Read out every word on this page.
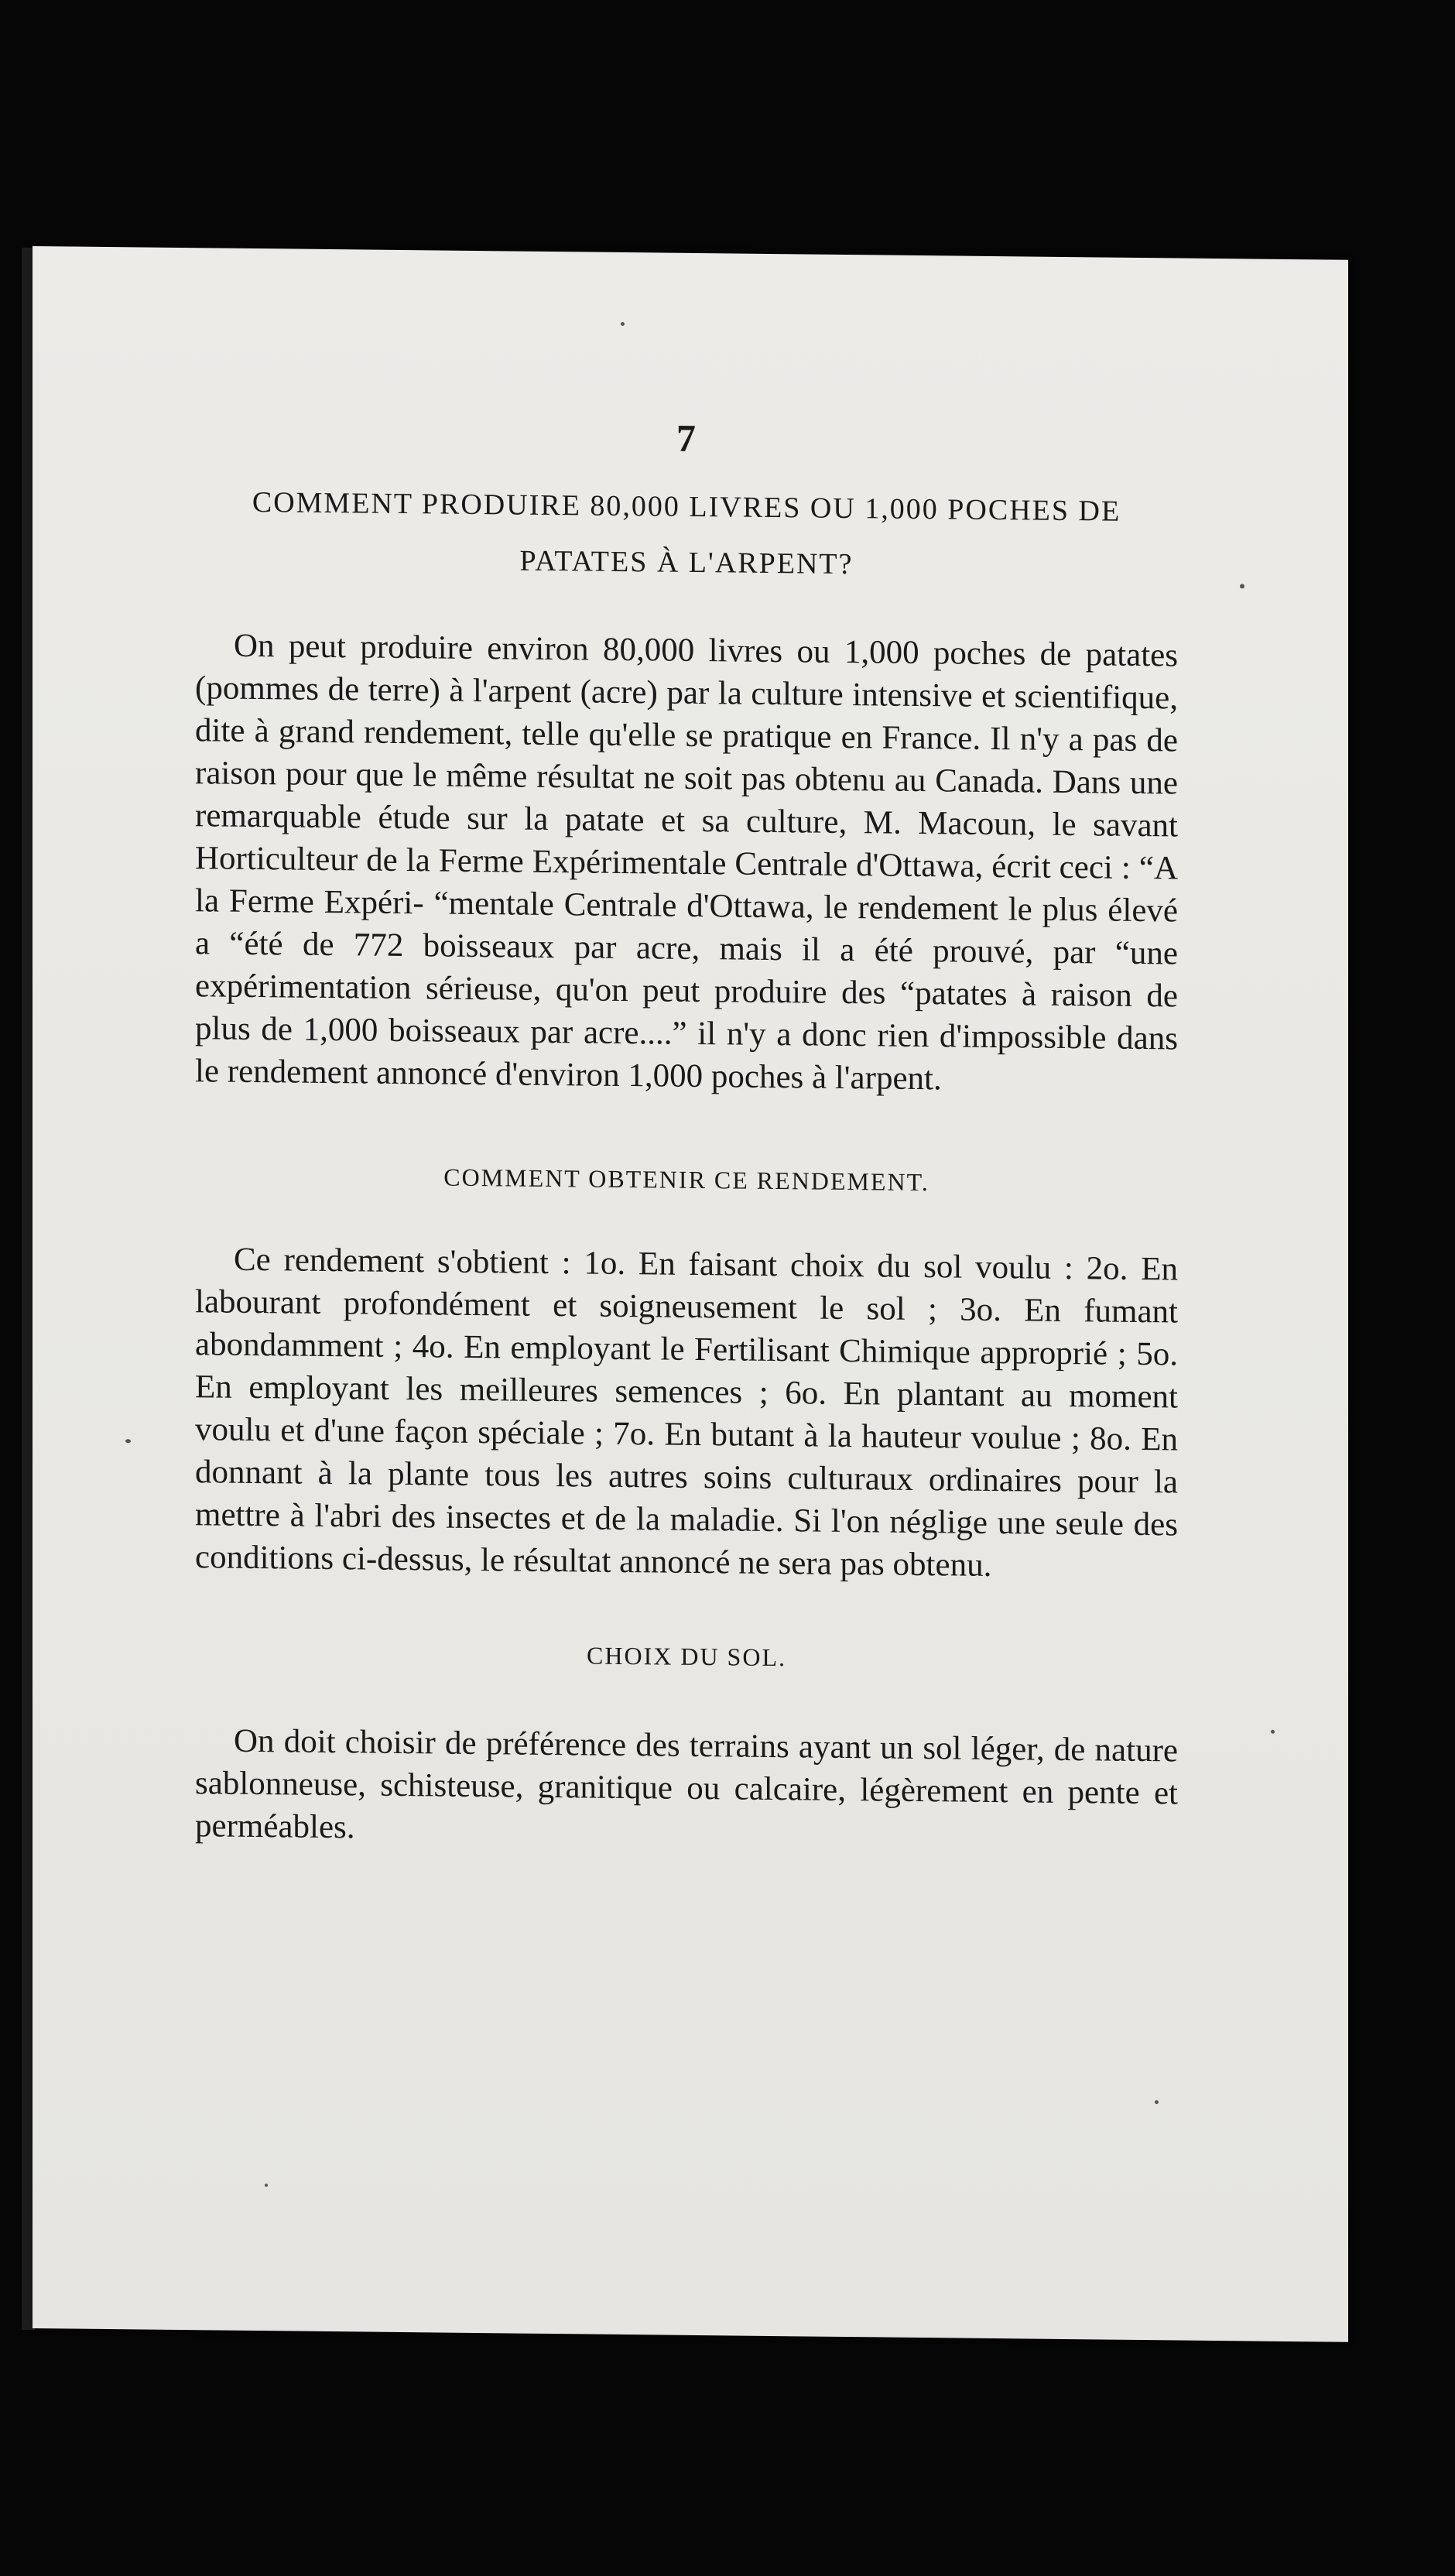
7
COMMENT PRODUIRE 80,000 LIVRES OU 1,000 POCHES DE
PATATES À L'ARPENT?

On peut produire environ 80,000 livres ou 1,000 poches de patates (pommes de terre) à l'arpent (acre) par la culture intensive et scientifique, dite à grand rendement, telle qu'elle se pratique en France. Il n'y a pas de raison pour que le même résultat ne soit pas obtenu au Canada. Dans une remarquable étude sur la patate et sa culture, M. Macoun, le savant Horticulteur de la Ferme Expérimentale Centrale d'Ottawa, écrit ceci : “A la Ferme Expéri- “mentale Centrale d'Ottawa, le rendement le plus élevé a “été de 772 boisseaux par acre, mais il a été prouvé, par “une expérimentation sérieuse, qu'on peut produire des “patates à raison de plus de 1,000 boisseaux par acre....” il n'y a donc rien d'impossible dans le rendement annoncé d'environ 1,000 poches à l'arpent.

COMMENT OBTENIR CE RENDEMENT.

Ce rendement s'obtient : 1o. En faisant choix du sol voulu : 2o. En labourant profondément et soigneusement le sol ; 3o. En fumant abondamment ; 4o. En employant le Fertilisant Chimique approprié ; 5o. En employant les meilleures semences ; 6o. En plantant au moment voulu et d'une façon spéciale ; 7o. En butant à la hauteur voulue ; 8o. En donnant à la plante tous les autres soins culturaux ordinaires pour la mettre à l'abri des insectes et de la maladie. Si l'on néglige une seule des conditions ci-dessus, le résultat annoncé ne sera pas obtenu.

CHOIX DU SOL.

On doit choisir de préférence des terrains ayant un sol léger, de nature sablonneuse, schisteuse, granitique ou calcaire, légèrement en pente et perméables.
